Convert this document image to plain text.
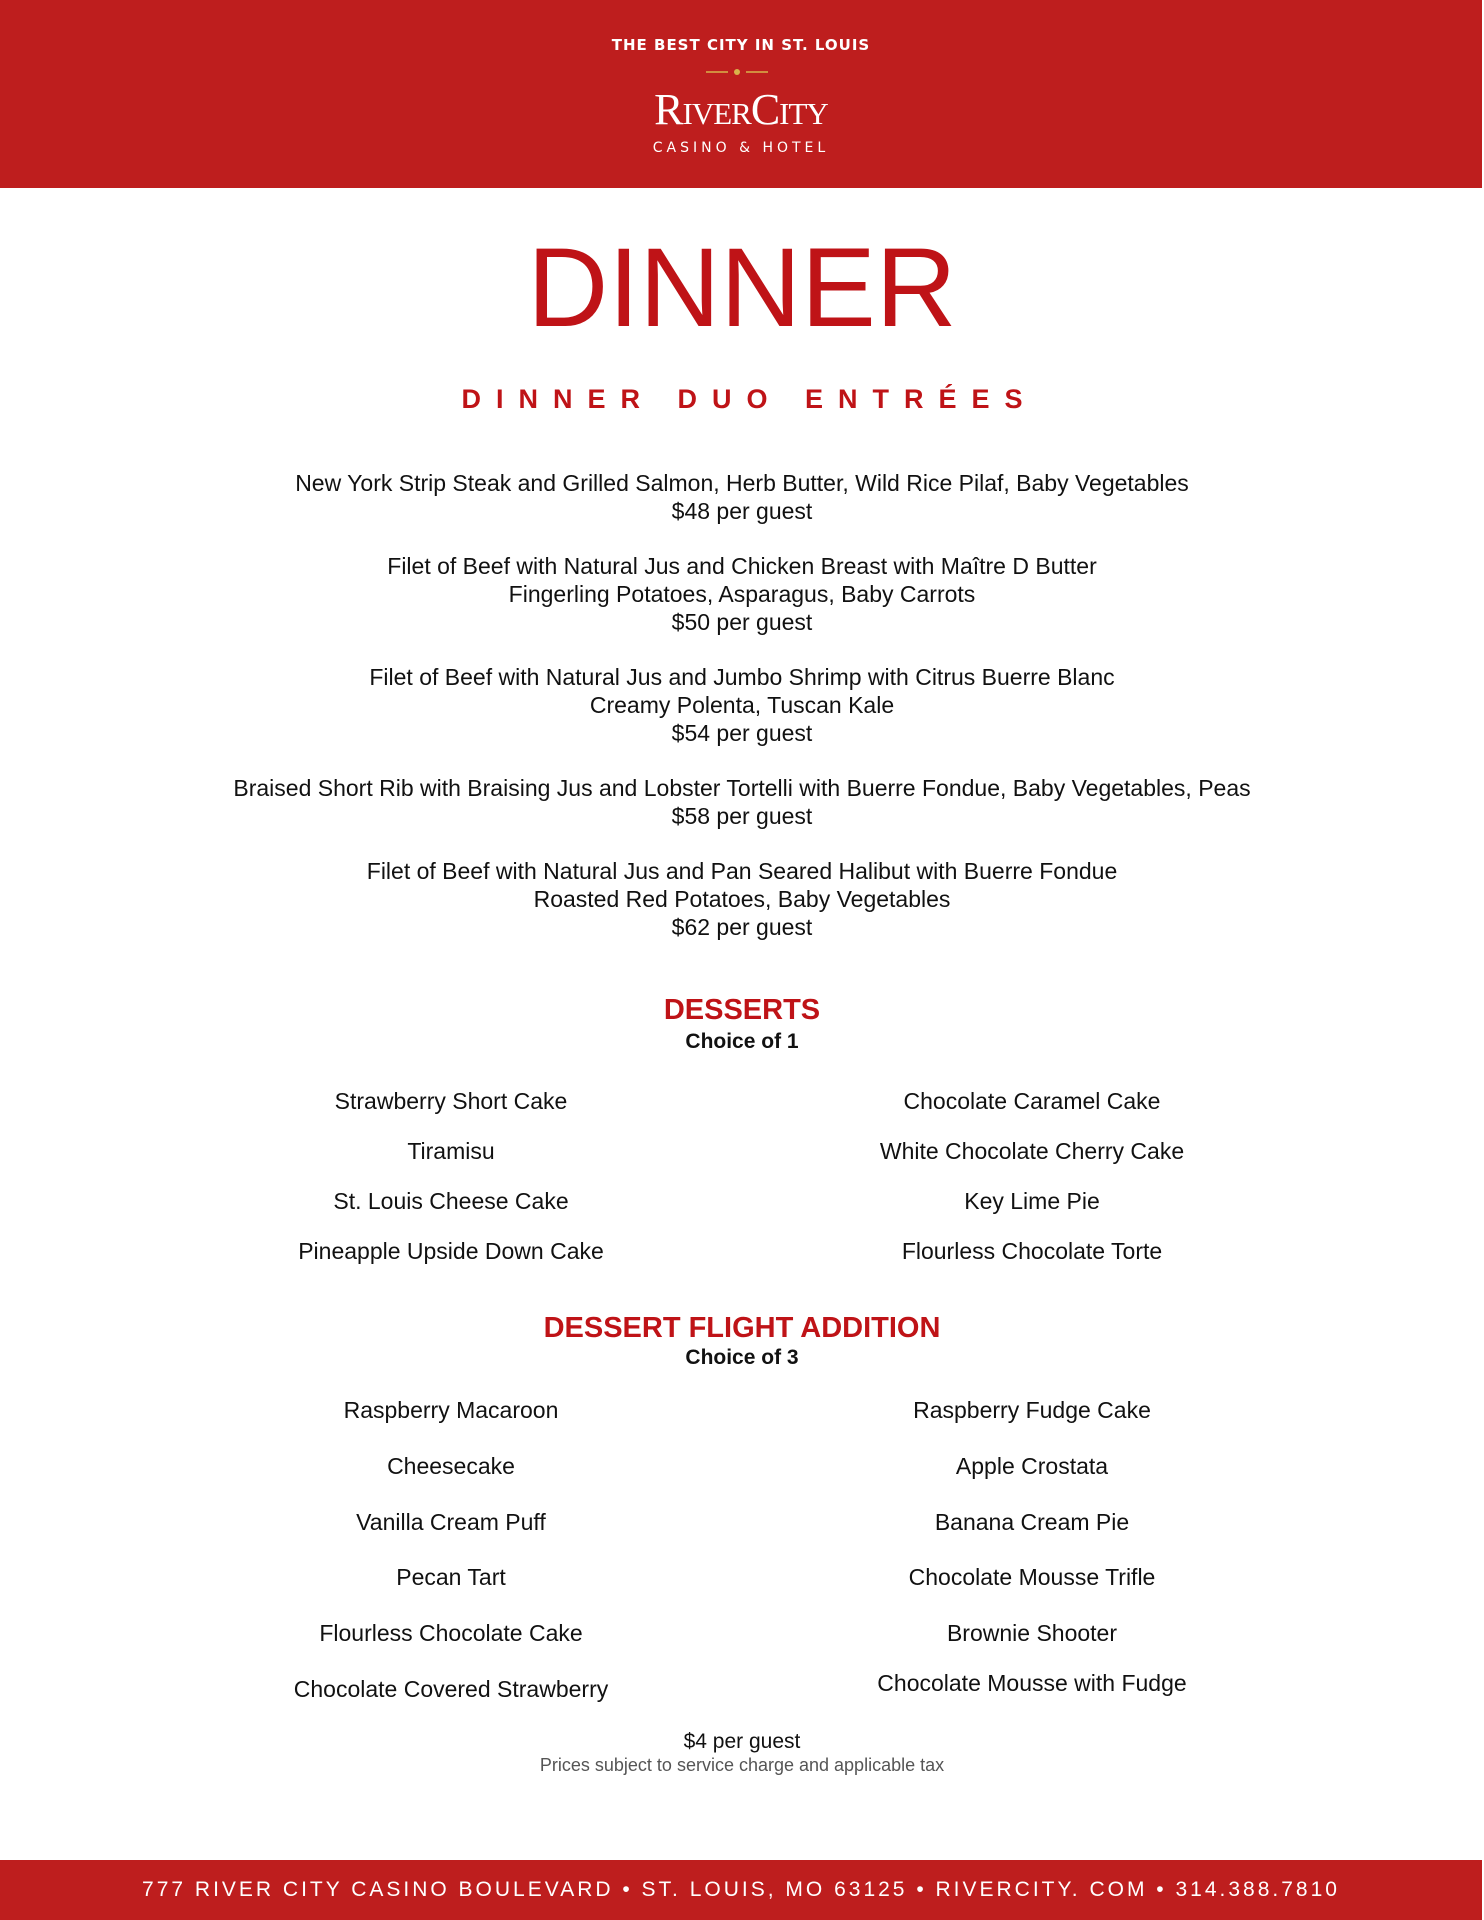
THE BEST CITY IN ST. LOUIS
RiverCity
CASINO & HOTEL
DINNER
DINNER DUO ENTRÉES
New York Strip Steak and Grilled Salmon, Herb Butter, Wild Rice Pilaf, Baby Vegetables
$48 per guest
Filet of Beef with Natural Jus and Chicken Breast with Maître D Butter
Fingerling Potatoes, Asparagus, Baby Carrots
$50 per guest
Filet of Beef with Natural Jus and Jumbo Shrimp with Citrus Buerre Blanc
Creamy Polenta, Tuscan Kale
$54 per guest
Braised Short Rib with Braising Jus and Lobster Tortelli with Buerre Fondue, Baby Vegetables, Peas
$58 per guest
Filet of Beef with Natural Jus and Pan Seared Halibut with Buerre Fondue
Roasted Red Potatoes, Baby Vegetables
$62 per guest
DESSERTS
Choice of 1
Strawberry Short Cake
Tiramisu
St. Louis Cheese Cake
Pineapple Upside Down Cake
Chocolate Caramel Cake
White Chocolate Cherry Cake
Key Lime Pie
Flourless Chocolate Torte
DESSERT FLIGHT ADDITION
Choice of 3
Raspberry Macaroon
Cheesecake
Vanilla Cream Puff
Pecan Tart
Flourless Chocolate Cake
Chocolate Covered Strawberry
Raspberry Fudge Cake
Apple Crostata
Banana Cream Pie
Chocolate Mousse Trifle
Brownie Shooter
Chocolate Mousse with Fudge
$4 per guest
Prices subject to service charge and applicable tax
777 RIVER CITY CASINO BOULEVARD • ST. LOUIS, MO 63125 • RIVERCITY. COM • 314.388.7810
